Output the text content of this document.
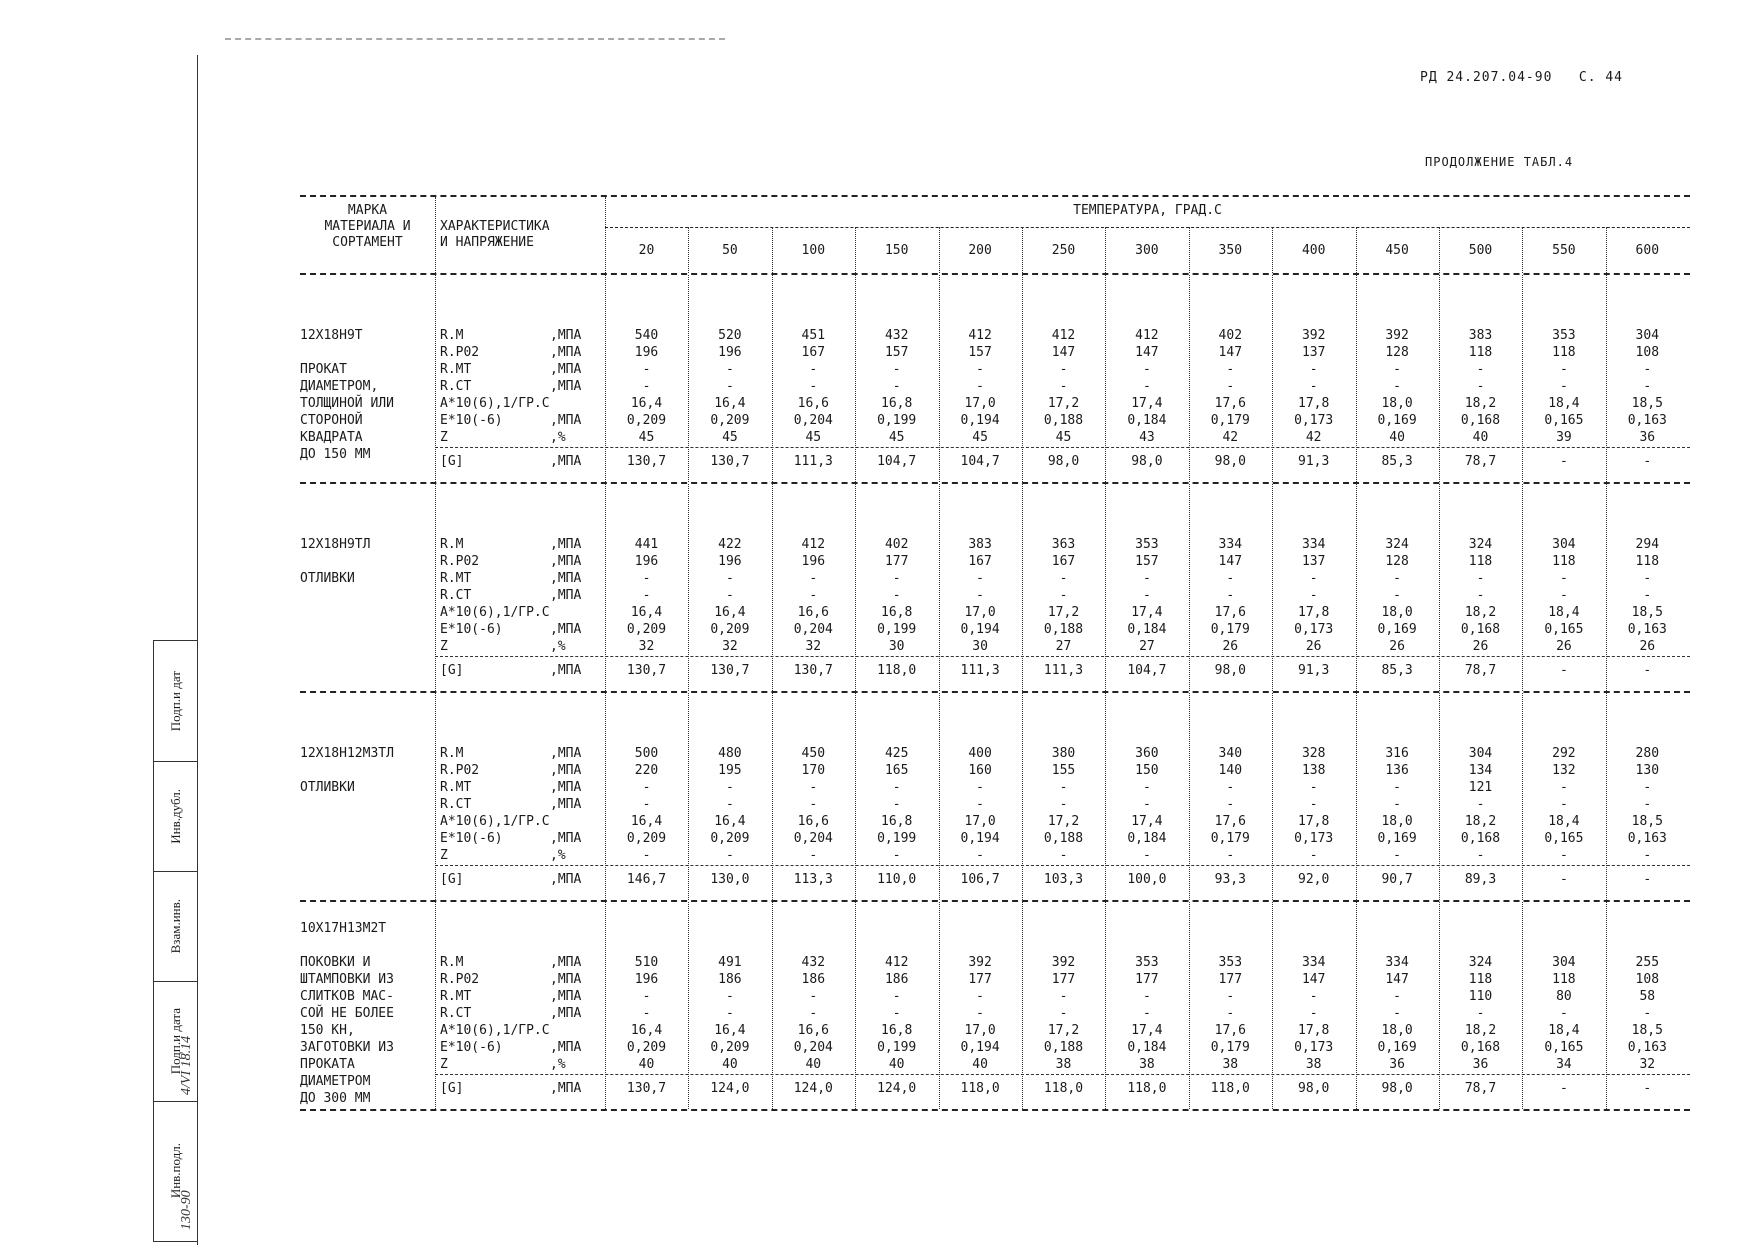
РД 24.207.04-90   С. 44
ПРОДОЛЖЕНИЕ ТАБЛ.4
Подп.и дат
Инв.дубл.
Взам.инв.
Подп.и дата
Инв.подл.
4/VI 18.14
130-90
МАРКА
МАТЕРИАЛА И
СОРТАМЕНТ
ХАРАКТЕРИСТИКА
И НАПРЯЖЕНИЕ
ТЕМПЕРАТУРА, ГРАД.С
20	50	100	150	200	250	300	350	400	450	500	550	600
12Х18Н9Т
ПРОКАТ
ДИАМЕТРОМ,
ТОЛЩИНОЙ ИЛИ
СТОРОНОЙ
КВАДРАТА
ДО 150 ММ
R.M	,МПА	540	520	451	432	412	412	412	402	392	392	383	353	304
R.P02	,МПА	196	196	167	157	157	147	147	147	137	128	118	118	108
R.MT	,МПА	-	-	-	-	-	-	-	-	-	-	-	-	-
R.CT	,МПА	-	-	-	-	-	-	-	-	-	-	-	-	-
A*10(6),1/ГР.С	16,4	16,4	16,6	16,8	17,0	17,2	17,4	17,6	17,8	18,0	18,2	18,4	18,5
E*10(-6)	,МПА	0,209	0,209	0,204	0,199	0,194	0,188	0,184	0,179	0,173	0,169	0,168	0,165	0,163
Z	,%	45	45	45	45	45	45	43	42	42	40	40	39	36
[G]	,МПА	130,7	130,7	111,3	104,7	104,7	98,0	98,0	98,0	91,3	85,3	78,7	-	-
12Х18Н9ТЛ
ОТЛИВКИ
R.M	,МПА	441	422	412	402	383	363	353	334	334	324	324	304	294
R.P02	,МПА	196	196	196	177	167	167	157	147	137	128	118	118	118
R.MT	,МПА	-	-	-	-	-	-	-	-	-	-	-	-	-
R.CT	,МПА	-	-	-	-	-	-	-	-	-	-	-	-	-
A*10(6),1/ГР.С	16,4	16,4	16,6	16,8	17,0	17,2	17,4	17,6	17,8	18,0	18,2	18,4	18,5
E*10(-6)	,МПА	0,209	0,209	0,204	0,199	0,194	0,188	0,184	0,179	0,173	0,169	0,168	0,165	0,163
Z	,%	32	32	32	30	30	27	27	26	26	26	26	26	26
[G]	,МПА	130,7	130,7	130,7	118,0	111,3	111,3	104,7	98,0	91,3	85,3	78,7	-	-
12Х18Н12М3ТЛ
ОТЛИВКИ
R.M	,МПА	500	480	450	425	400	380	360	340	328	316	304	292	280
R.P02	,МПА	220	195	170	165	160	155	150	140	138	136	134	132	130
R.MT	,МПА	-	-	-	-	-	-	-	-	-	-	121	-	-
R.CT	,МПА	-	-	-	-	-	-	-	-	-	-	-	-	-
A*10(6),1/ГР.С	16,4	16,4	16,6	16,8	17,0	17,2	17,4	17,6	17,8	18,0	18,2	18,4	18,5
E*10(-6)	,МПА	0,209	0,209	0,204	0,199	0,194	0,188	0,184	0,179	0,173	0,169	0,168	0,165	0,163
Z	,%	-	-	-	-	-	-	-	-	-	-	-	-	-
[G]	,МПА	146,7	130,0	113,3	110,0	106,7	103,3	100,0	93,3	92,0	90,7	89,3	-	-
10Х17Н13М2Т
ПОКОВКИ И
ШТАМПОВКИ ИЗ
СЛИТКОВ МАС-
СОЙ НЕ БОЛЕЕ
150 КН,
ЗАГОТОВКИ ИЗ
ПРОКАТА
ДИАМЕТРОМ
ДО 300 ММ
R.M	,МПА	510	491	432	412	392	392	353	353	334	334	324	304	255
R.P02	,МПА	196	186	186	186	177	177	177	177	147	147	118	118	108
R.MT	,МПА	-	-	-	-	-	-	-	-	-	-	110	80	58
R.CT	,МПА	-	-	-	-	-	-	-	-	-	-	-	-	-
A*10(6),1/ГР.С	16,4	16,4	16,6	16,8	17,0	17,2	17,4	17,6	17,8	18,0	18,2	18,4	18,5
E*10(-6)	,МПА	0,209	0,209	0,204	0,199	0,194	0,188	0,184	0,179	0,173	0,169	0,168	0,165	0,163
Z	,%	40	40	40	40	40	38	38	38	38	36	36	34	32
[G]	,МПА	130,7	124,0	124,0	124,0	118,0	118,0	118,0	118,0	98,0	98,0	78,7	-	-
